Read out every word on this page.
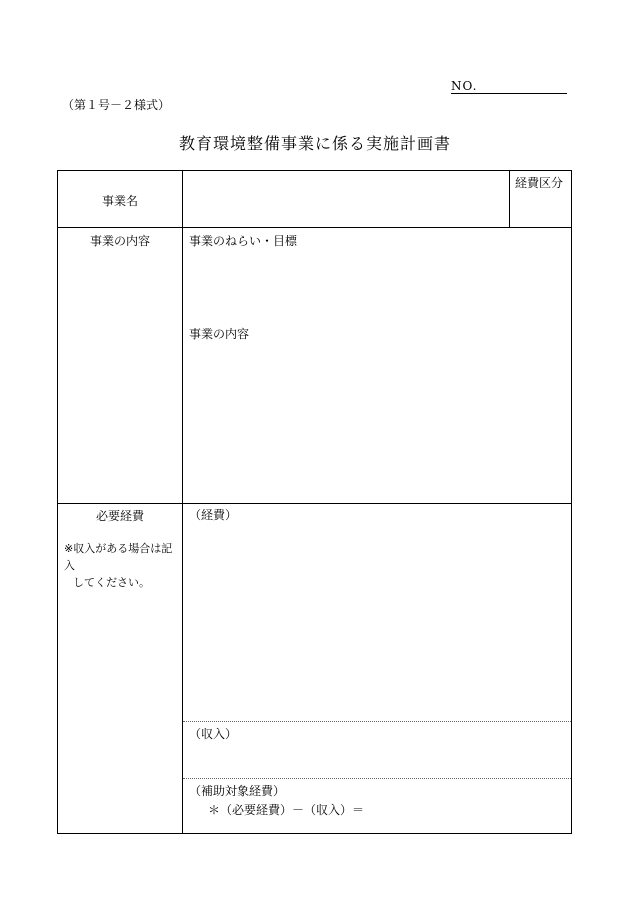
NO.
（第１号－２様式）
教育環境整備事業に係る実施計画書
事業名
経費区分
事業の内容	事業のねらい・目標
事業の内容
必要経費
※収入がある場合は記入
してください。
（経費）
（収入）
（補助対象経費）
＊（必要経費）－（収入）＝
